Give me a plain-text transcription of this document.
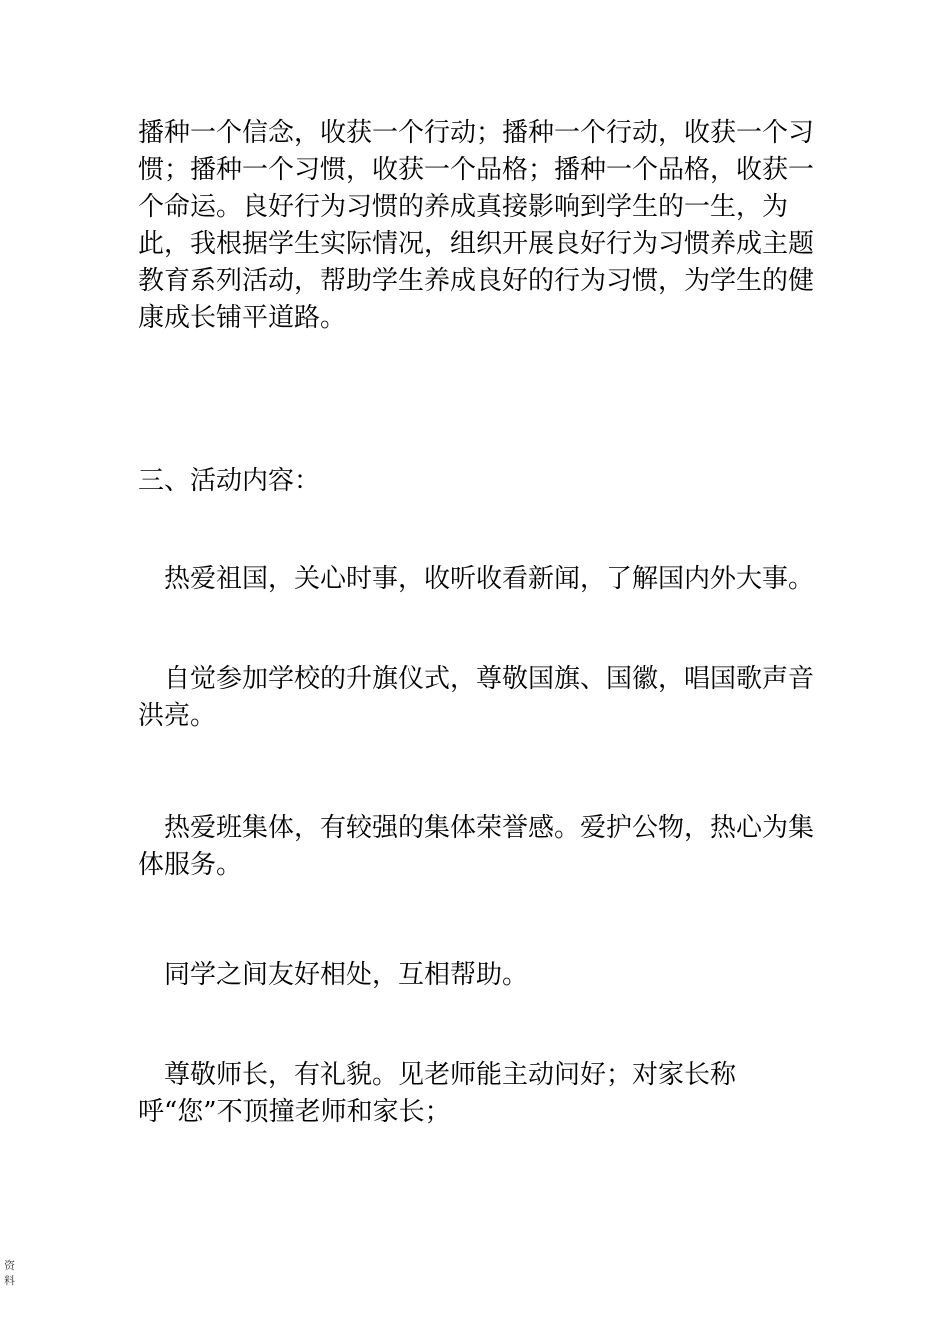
播种一个信念，收获一个行动；播种一个行动，收获一个习惯；播种一个习惯，收获一个品格；播种一个品格，收获一个命运。良好行为习惯的养成真接影响到学生的一生，为此，我根据学生实际情况，组织开展良好行为习惯养成主题教育系列活动，帮助学生养成良好的行为习惯，为学生的健康成长铺平道路。

三、活动内容：

热爱祖国，关心时事，收听收看新闻，了解国内外大事。

自觉参加学校的升旗仪式，尊敬国旗、国徽，唱国歌声音洪亮。

热爱班集体，有较强的集体荣誉感。爱护公物，热心为集体服务。

同学之间友好相处，互相帮助。

尊敬师长，有礼貌。见老师能主动问好；对家长称呼“您”不顶撞老师和家长；

资料
